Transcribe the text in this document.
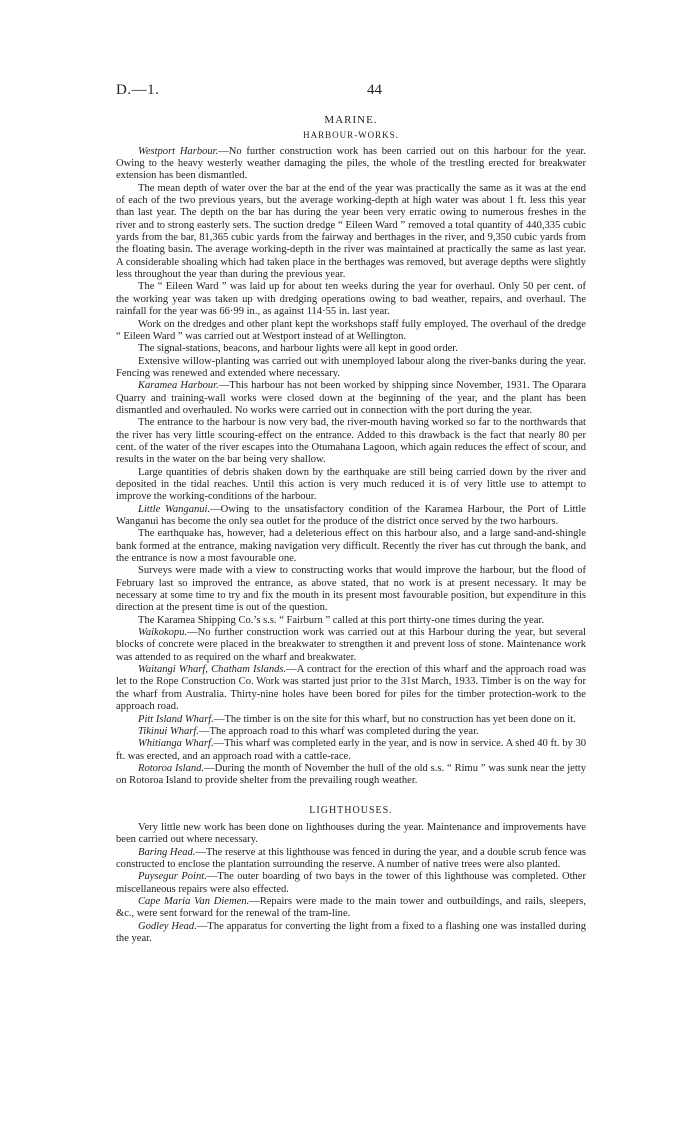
D.—1.	44
MARINE.
HARBOUR-WORKS.

Westport Harbour.—No further construction work has been carried out on this harbour for the year. Owing to the heavy westerly weather damaging the piles, the whole of the trestling erected for breakwater extension has been dismantled.

The mean depth of water over the bar at the end of the year was practically the same as it was at the end of each of the two previous years, but the average working-depth at high water was about 1 ft. less this year than last year. The depth on the bar has during the year been very erratic owing to numerous freshes in the river and to strong easterly sets. The suction dredge “ Eileen Ward ” removed a total quantity of 440,335 cubic yards from the bar, 81,365 cubic yards from the fairway and berthages in the river, and 9,350 cubic yards from the floating basin. The average working-depth in the river was maintained at practically the same as last year. A considerable shoaling which had taken place in the berthages was removed, but average depths were slightly less throughout the year than during the previous year.

The “ Eileen Ward ” was laid up for about ten weeks during the year for overhaul. Only 50 per cent. of the working year was taken up with dredging operations owing to bad weather, repairs, and overhaul. The rainfall for the year was 66·99 in., as against 114·55 in. last year.

Work on the dredges and other plant kept the workshops staff fully employed. The overhaul of the dredge “ Eileen Ward ” was carried out at Westport instead of at Wellington.

The signal-stations, beacons, and harbour lights were all kept in good order.

Extensive willow-planting was carried out with unemployed labour along the river-banks during the year. Fencing was renewed and extended where necessary.

Karamea Harbour.—This harbour has not been worked by shipping since November, 1931. The Oparara Quarry and training-wall works were closed down at the beginning of the year, and the plant has been dismantled and overhauled. No works were carried out in connection with the port during the year.

The entrance to the harbour is now very bad, the river-mouth having worked so far to the northwards that the river has very little scouring-effect on the entrance. Added to this drawback is the fact that nearly 80 per cent. of the water of the river escapes into the Otumahana Lagoon, which again reduces the effect of scour, and results in the water on the bar being very shallow.

Large quantities of debris shaken down by the earthquake are still being carried down by the river and deposited in the tidal reaches. Until this action is very much reduced it is of very little use to attempt to improve the working-conditions of the harbour.

Little Wanganui.—Owing to the unsatisfactory condition of the Karamea Harbour, the Port of Little Wanganui has become the only sea outlet for the produce of the district once served by the two harbours.

The earthquake has, however, had a deleterious effect on this harbour also, and a large sand-and-shingle bank formed at the entrance, making navigation very difficult. Recently the river has cut through the bank, and the entrance is now a most favourable one.

Surveys were made with a view to constructing works that would improve the harbour, but the flood of February last so improved the entrance, as above stated, that no work is at present necessary. It may be necessary at some time to try and fix the mouth in its present most favourable position, but expenditure in this direction at the present time is out of the question.

The Karamea Shipping Co.’s s.s. “ Fairburn ” called at this port thirty-one times during the year.

Waikokopu.—No further construction work was carried out at this Harbour during the year, but several blocks of concrete were placed in the breakwater to strengthen it and prevent loss of stone. Maintenance work was attended to as required on the wharf and breakwater.

Waitangi Wharf, Chatham Islands.—A contract for the erection of this wharf and the approach road was let to the Rope Construction Co. Work was started just prior to the 31st March, 1933. Timber is on the way for the wharf from Australia. Thirty-nine holes have been bored for piles for the timber protection-work to the approach road.

Pitt Island Wharf.—The timber is on the site for this wharf, but no construction has yet been done on it.

Tikinui Wharf.—The approach road to this wharf was completed during the year.

Whitianga Wharf.—This wharf was completed early in the year, and is now in service. A shed 40 ft. by 30 ft. was erected, and an approach road with a cattle-race.

Rotoroa Island.—During the month of November the hull of the old s.s. “ Rimu ” was sunk near the jetty on Rotoroa Island to provide shelter from the prevailing rough weather.

LIGHTHOUSES.

Very little new work has been done on lighthouses during the year. Maintenance and improvements have been carried out where necessary.

Baring Head.—The reserve at this lighthouse was fenced in during the year, and a double scrub fence was constructed to enclose the plantation surrounding the reserve. A number of native trees were also planted.

Puysegur Point.—The outer boarding of two bays in the tower of this lighthouse was completed. Other miscellaneous repairs were also effected.

Cape Maria Van Diemen.—Repairs were made to the main tower and outbuildings, and rails, sleepers, &c., were sent forward for the renewal of the tram-line.

Godley Head.—The apparatus for converting the light from a fixed to a flashing one was installed during the year.
